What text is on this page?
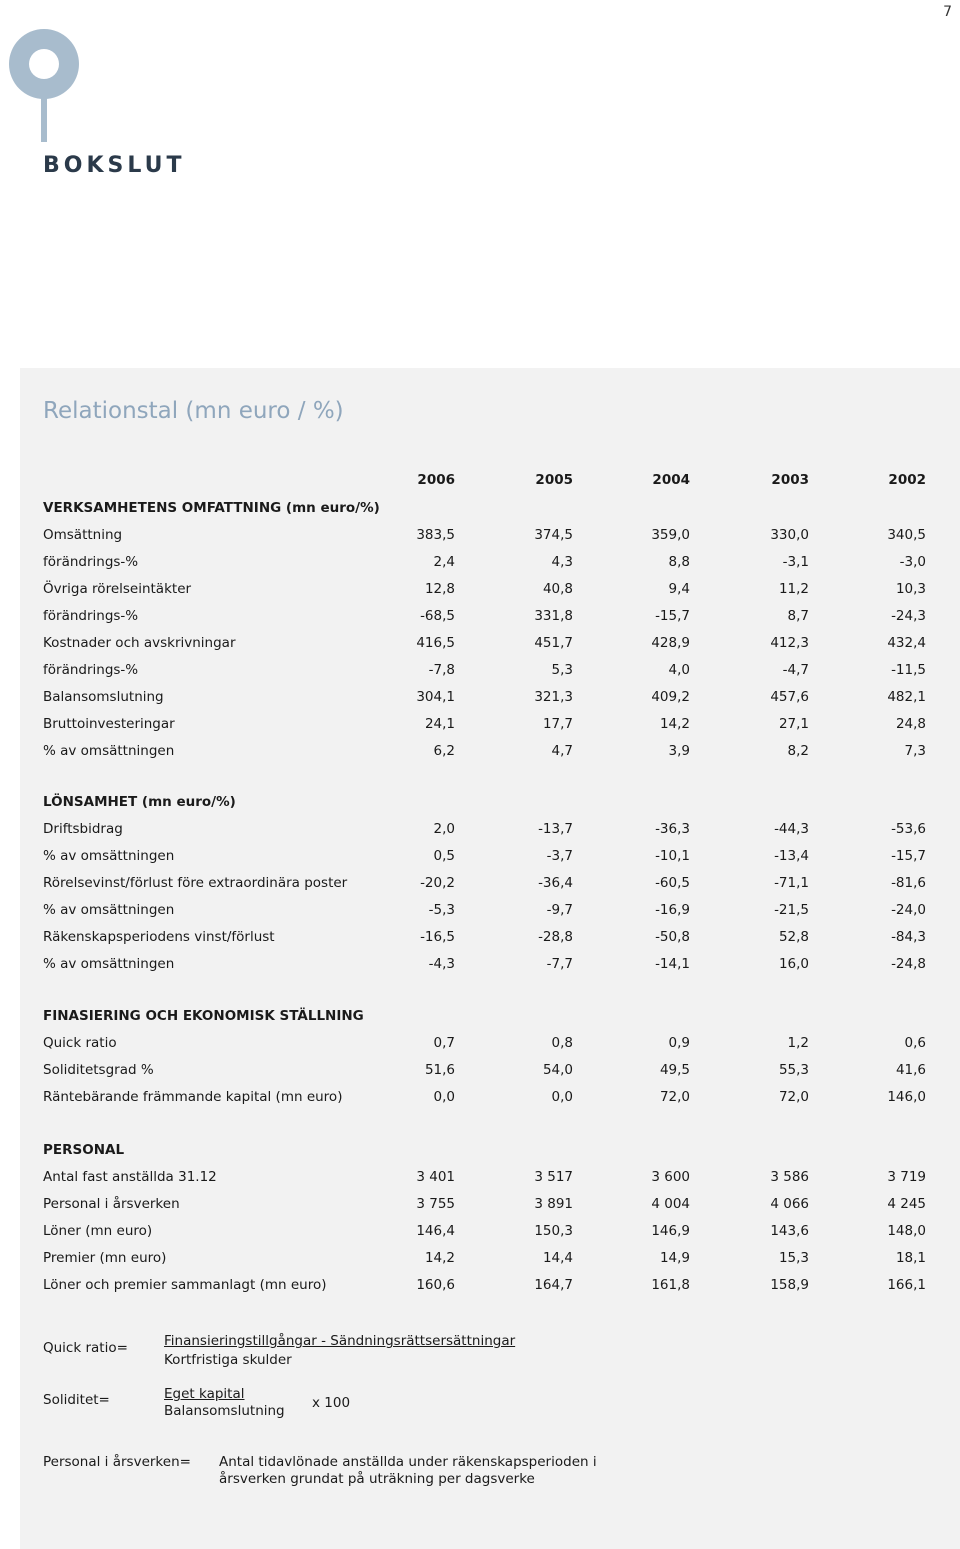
7
BOKSLUT
Relationstal (mn euro / %)
2006	2005	2004	2003	2002
VERKSAMHETENS OMFATTNING (mn euro/%)
Omsättning	383,5	374,5	359,0	330,0	340,5
förändrings-%	2,4	4,3	8,8	-3,1	-3,0
Övriga rörelseintäkter	12,8	40,8	9,4	11,2	10,3
förändrings-%	-68,5	331,8	-15,7	8,7	-24,3
Kostnader och avskrivningar	416,5	451,7	428,9	412,3	432,4
förändrings-%	-7,8	5,3	4,0	-4,7	-11,5
Balansomslutning	304,1	321,3	409,2	457,6	482,1
Bruttoinvesteringar	24,1	17,7	14,2	27,1	24,8
% av omsättningen	6,2	4,7	3,9	8,2	7,3
LÖNSAMHET (mn euro/%)
Driftsbidrag	2,0	-13,7	-36,3	-44,3	-53,6
% av omsättningen	0,5	-3,7	-10,1	-13,4	-15,7
Rörelsevinst/förlust före extraordinära poster	-20,2	-36,4	-60,5	-71,1	-81,6
% av omsättningen	-5,3	-9,7	-16,9	-21,5	-24,0
Räkenskapsperiodens vinst/förlust	-16,5	-28,8	-50,8	52,8	-84,3
% av omsättningen	-4,3	-7,7	-14,1	16,0	-24,8
FINASIERING OCH EKONOMISK STÄLLNING
Quick ratio	0,7	0,8	0,9	1,2	0,6
Soliditetsgrad %	51,6	54,0	49,5	55,3	41,6
Räntebärande främmande kapital (mn euro)	0,0	0,0	72,0	72,0	146,0
PERSONAL
Antal fast anställda 31.12	3 401	3 517	3 600	3 586	3 719
Personal i årsverken	3 755	3 891	4 004	4 066	4 245
Löner (mn euro)	146,4	150,3	146,9	143,6	148,0
Premier (mn euro)	14,2	14,4	14,9	15,3	18,1
Löner och premier sammanlagt (mn euro)	160,6	164,7	161,8	158,9	166,1
Quick ratio=	Finansieringstillgångar - Sändningsrättsersättningar
Kortfristiga skulder
Soliditet=	Eget kapital
Balansomslutning x 100
Personal i årsverken= Antal tidavlönade anställda under räkenskapsperioden i
årsverken grundat på uträkning per dagsverke
